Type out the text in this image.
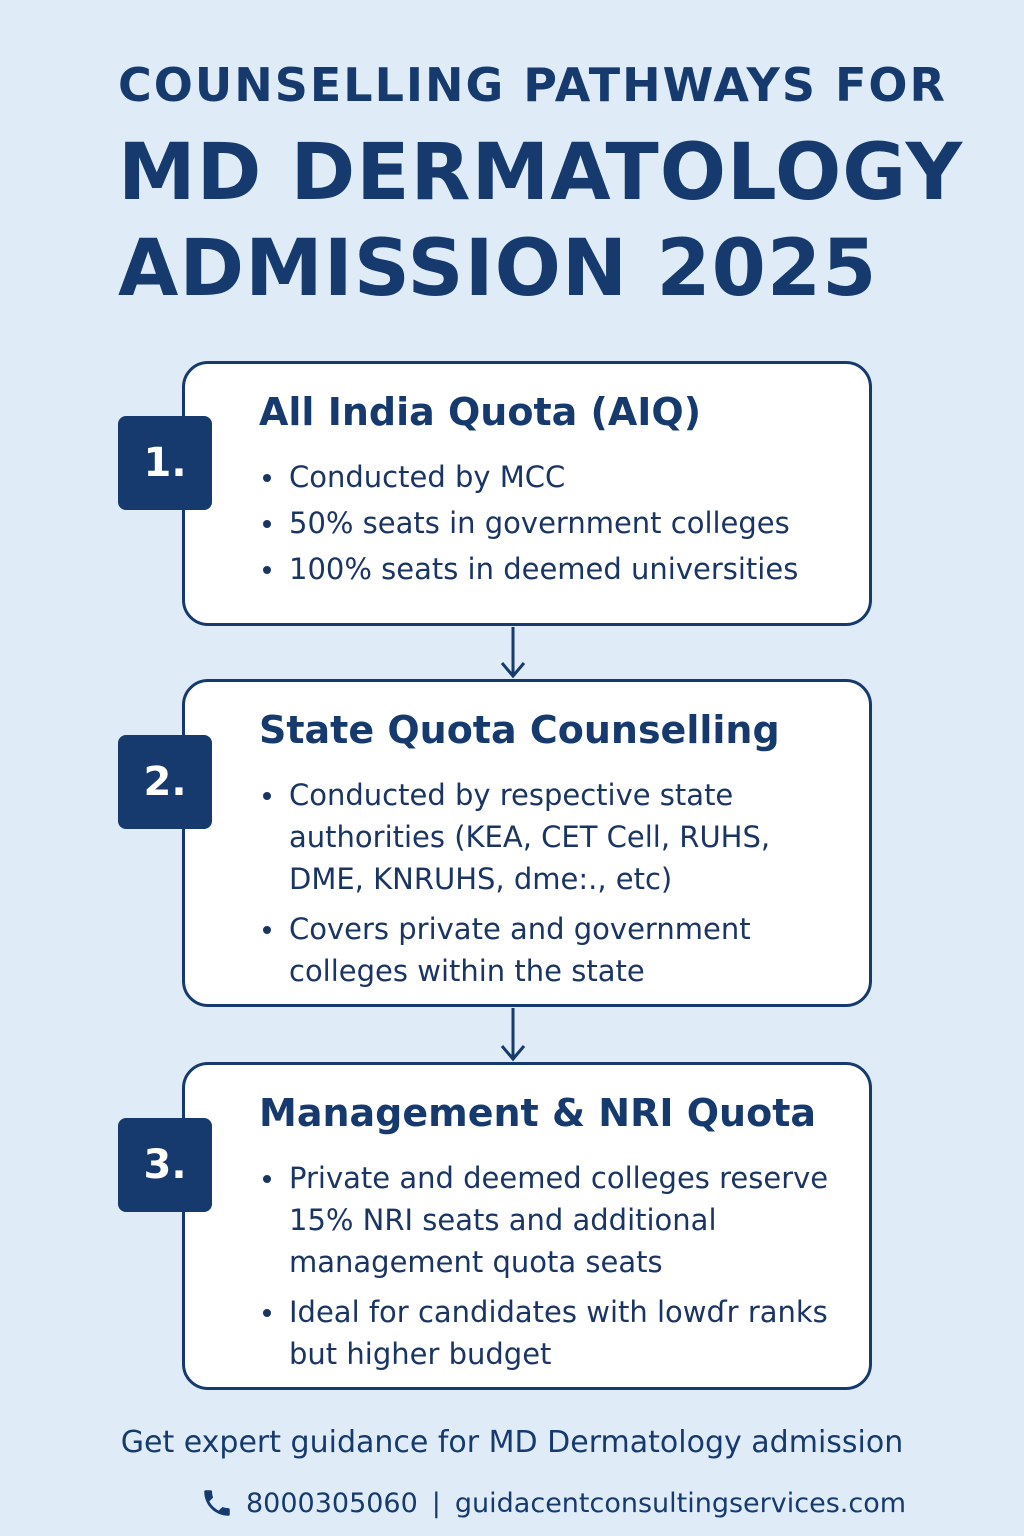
COUNSELLING PATHWAYS FOR
MD DERMATOLOGY
ADMISSION 2025
All India Quota (AIQ)
Conducted by MCC
50% seats in government colleges
100% seats in deemed universities
1.
State Quota Counselling
Conducted by respective state authorities (KEA, CET Cell, RUHS, DME, KNRUHS, dme:., etc)
Covers private and government colleges within the state
2.
Management & NRI Quota
Private and deemed colleges reserve 15% NRI seats and additional management quota seats
Ideal for candidates with lowɗr ranks but higher budget
3.
Get expert guidance for MD Dermatology admission
8000305060 | guidacentconsultingservices.com
